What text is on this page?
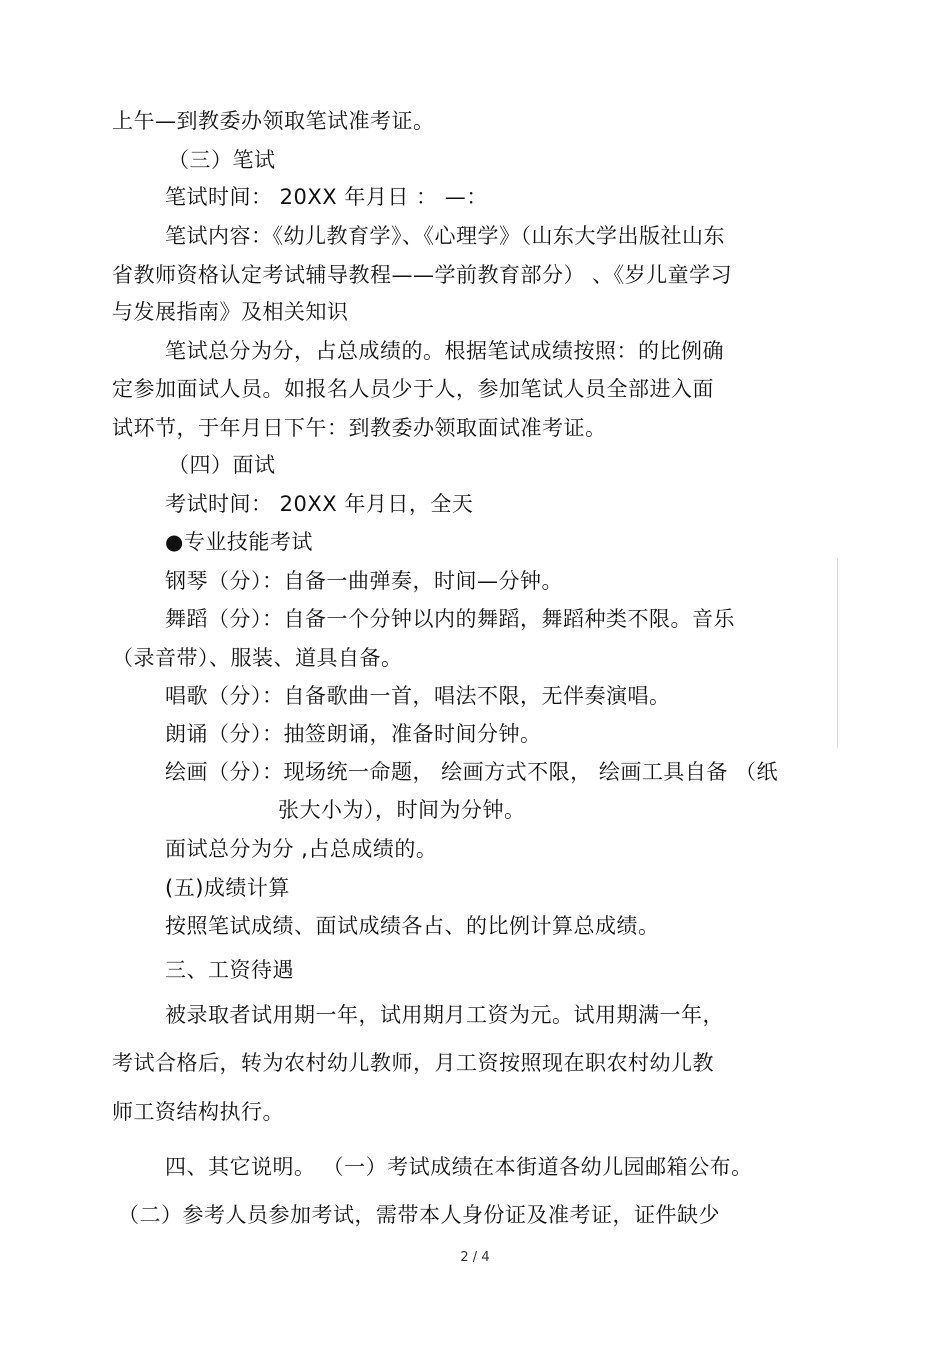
上午—到教委办领取笔试准考证。
（三）笔试
笔试时间： 20XX 年月日 ： —：
笔试内容：《幼儿教育学》、《心理学》（山东大学出版社山东
省教师资格认定考试辅导教程——学前教育部分） 、《岁儿童学习
与发展指南》及相关知识
笔试总分为分，占总成绩的。根据笔试成绩按照：的比例确
定参加面试人员。如报名人员少于人，参加笔试人员全部进入面
试环节，于年月日下午：到教委办领取面试准考证。
（四）面试
考试时间： 20XX 年月日，全天
●专业技能考试
钢琴（分）：自备一曲弹奏，时间—分钟。
舞蹈（分）：自备一个分钟以内的舞蹈，舞蹈种类不限。音乐
（录音带）、服装、道具自备。
唱歌（分）：自备歌曲一首，唱法不限，无伴奏演唱。
朗诵（分）：抽签朗诵，准备时间分钟。
绘画（分）：现场统一命题， 绘画方式不限， 绘画工具自备 （纸
张大小为），时间为分钟。
面试总分为分 ,占总成绩的。
(五)成绩计算
按照笔试成绩、面试成绩各占、的比例计算总成绩。
三、工资待遇
被录取者试用期一年，试用期月工资为元。试用期满一年，
考试合格后，转为农村幼儿教师，月工资按照现在职农村幼儿教
师工资结构执行。
四、其它说明。 （一）考试成绩在本街道各幼儿园邮箱公布。
（二）参考人员参加考试，需带本人身份证及准考证，证件缺少
2 / 4
